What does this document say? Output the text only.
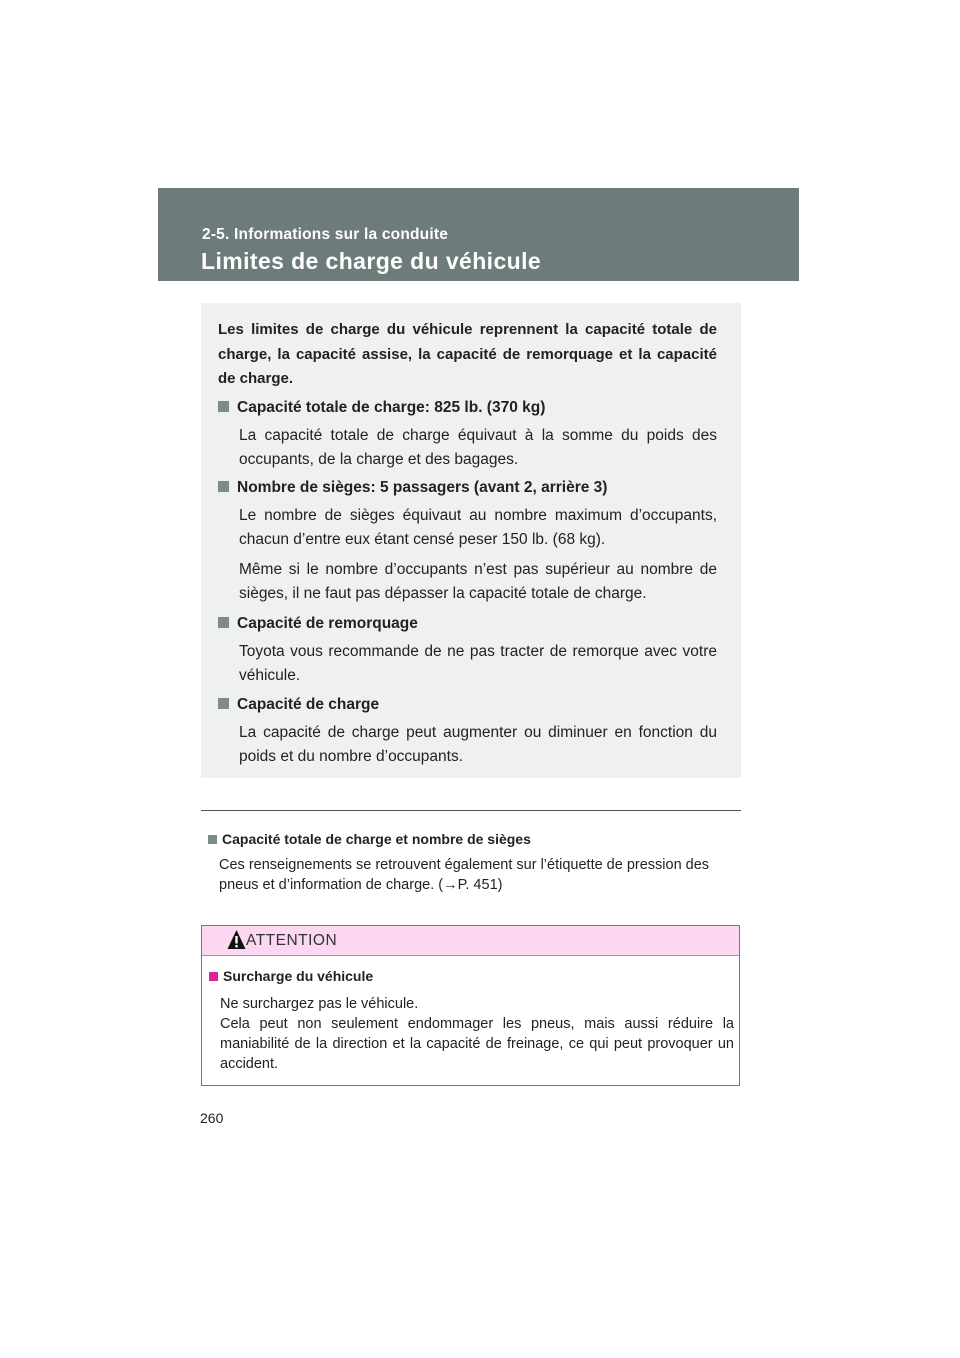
2-5. Informations sur la conduite
Limites de charge du véhicule
Les limites de charge du véhicule reprennent la capacité totale de charge, la capacité assise, la capacité de remorquage et la capacité de charge.
Capacité totale de charge: 825 lb. (370 kg)
La capacité totale de charge équivaut à la somme du poids des occupants, de la charge et des bagages.
Nombre de sièges: 5 passagers (avant 2, arrière 3)
Le nombre de sièges équivaut au nombre maximum d’occupants, chacun d’entre eux étant censé peser 150 lb. (68 kg).
Même si le nombre d’occupants n’est pas supérieur au nombre de sièges, il ne faut pas dépasser la capacité totale de charge.
Capacité de remorquage
Toyota vous recommande de ne pas tracter de remorque avec votre véhicule.
Capacité de charge
La capacité de charge peut augmenter ou diminuer en fonction du poids et du nombre d’occupants.
Capacité totale de charge et nombre de sièges
Ces renseignements se retrouvent également sur l’étiquette de pression des pneus et d’information de charge. (→P. 451)
ATTENTION
Surcharge du véhicule
Ne surchargez pas le véhicule.
Cela peut non seulement endommager les pneus, mais aussi réduire la maniabilité de la direction et la capacité de freinage, ce qui peut provoquer un accident.
260
